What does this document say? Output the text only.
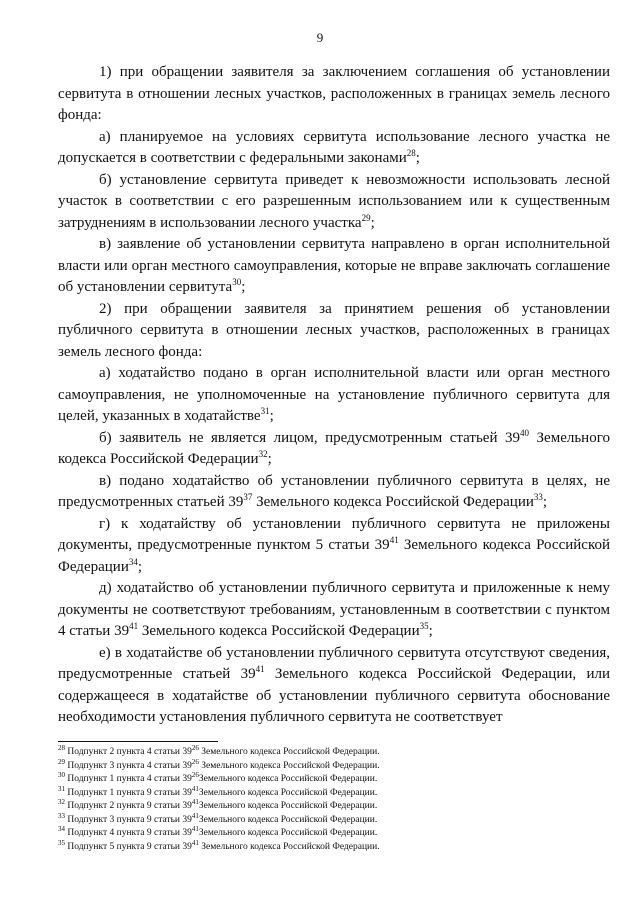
9

1) при обращении заявителя за заключением соглашения об установлении сервитута в отношении лесных участков, расположенных в границах земель лесного фонда:

а) планируемое на условиях сервитута использование лесного участка не допускается в соответствии с федеральными законами$^{28}$;

б) установление сервитута приведет к невозможности использовать лесной участок в соответствии с его разрешенным использованием или к существенным затруднениям в использовании лесного участка$^{29}$;

в) заявление об установлении сервитута направлено в орган исполнительной власти или орган местного самоуправления, которые не вправе заключать соглашение об установлении сервитута$^{30}$;

2) при обращении заявителя за принятием решения об установлении публичного сервитута в отношении лесных участков, расположенных в границах земель лесного фонда:

а) ходатайство подано в орган исполнительной власти или орган местного самоуправления, не уполномоченные на установление публичного сервитута для целей, указанных в ходатайстве$^{31}$;

б) заявитель не является лицом, предусмотренным статьей $39^{40}$ Земельного кодекса Российской Федерации$^{32}$;

в) подано ходатайство об установлении публичного сервитута в целях, не предусмотренных статьей $39^{37}$ Земельного кодекса Российской Федерации$^{33}$;

г) к ходатайству об установлении публичного сервитута не приложены документы, предусмотренные пунктом 5 статьи $39^{41}$ Земельного кодекса Российской Федерации$^{34}$;

д) ходатайство об установлении публичного сервитута и приложенные к нему документы не соответствуют требованиям, установленным в соответствии с пунктом 4 статьи $39^{41}$ Земельного кодекса Российской Федерации$^{35}$;

е) в ходатайстве об установлении публичного сервитута отсутствуют сведения, предусмотренные статьей $39^{41}$ Земельного кодекса Российской Федерации, или содержащееся в ходатайстве об установлении публичного сервитута обоснование необходимости установления публичного сервитута не соответствует

$^{28}$ Подпункт 2 пункта 4 статьи $39^{26}$ Земельного кодекса Российской Федерации.

$^{29}$ Подпункт 3 пункта 4 статьи $39^{26}$ Земельного кодекса Российской Федерации.

$^{30}$ Подпункт 1 пункта 4 статьи $39^{26}Земельного$ кодекса Российской Федерации.

$^{31}$ Подпункт 1 пункта 9 статьи $39^{41}Земельного$ кодекса Российской Федерации.

$^{32}$ Подпункт 2 пункта 9 статьи $39^{41}Земельного$ кодекса Российской Федерации.

$^{33}$ Подпункт 3 пункта 9 статьи $39^{41}Земельного$ кодекса Российской Федерации.

$^{34}$ Подпункт 4 пункта 9 статьи $39^{41}Земельного$ кодекса Российской Федерации.

$^{35}$ Подпункт 5 пункта 9 статьи $39^{41}$ Земельного кодекса Российской Федерации.
